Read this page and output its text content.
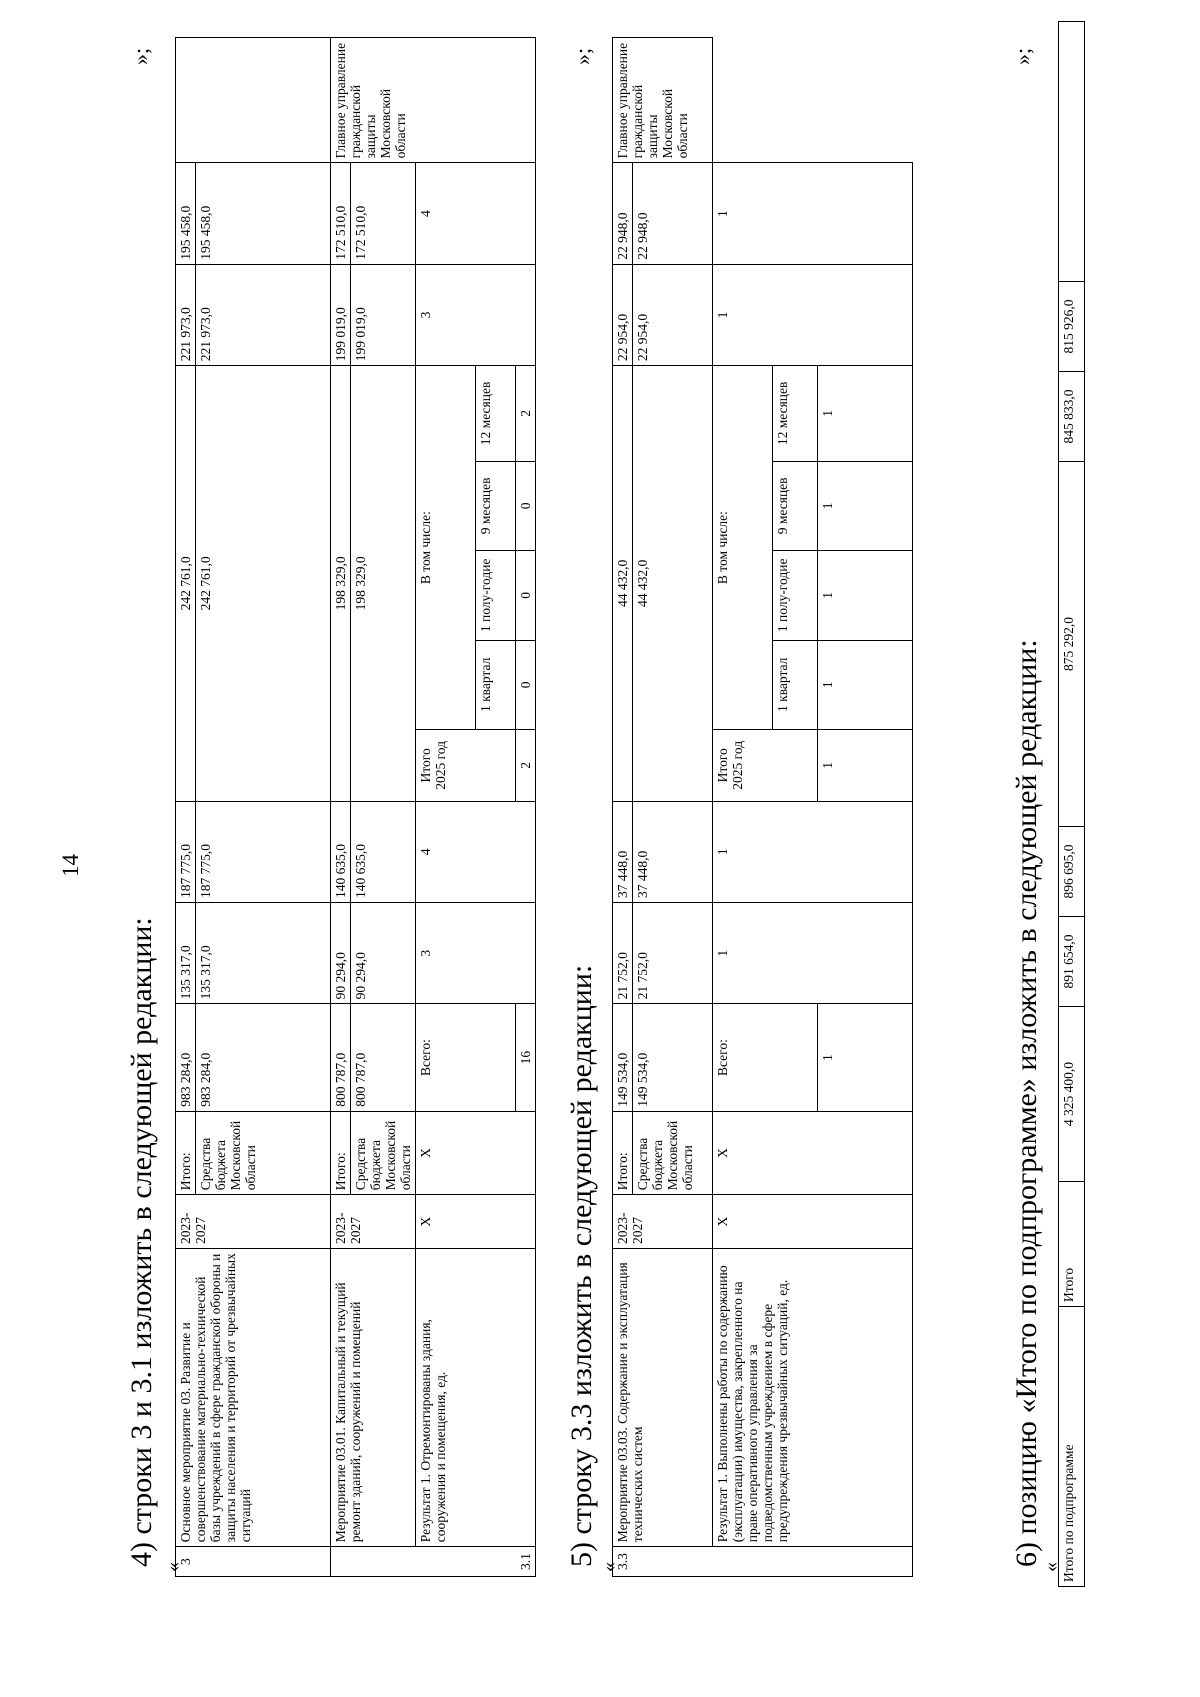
14
4) строки 3 и 3.1 изложить в следующей редакции: «
3	Основное мероприятие 03. Развитие и совершенствование материально-технической базы учреждений в сфере гражданской обороны и защиты населения и территорий от чрезвычайных ситуаций	2023-2027	Итого:	983 284,0	135 317,0	187 775,0	242 761,0					221 973,0	195 458,0	
			Средства бюджета Московской области	983 284,0	135 317,0	187 775,0	242 761,0					221 973,0	195 458,0	
3.1	Мероприятие 03.01. Капитальный и текущий ремонт зданий, сооружений и помещений	2023-2027	Итого:	800 787,0	90 294,0	140 635,0	198 329,0					199 019,0	172 510,0	Главное управление гражданской защиты Московской области
			Средства бюджета Московской области	800 787,0	90 294,0	140 635,0	198 329,0					199 019,0	172 510,0	
	Результат 1. Отремонтированы здания, сооружения и помещения, ед.	Х	Х	Всего:	3	4	Итого 2025 год	В том числе:				3	4	
								1 квартал	1 полу-годие	9 месяцев	12 месяцев			
				16			2	0	0	0	2			
»;
5) строку 3.3 изложить в следующей редакции: «
3.3	Мероприятие 03.03. Содержание и эксплуатация технических систем	2023-2027	Итого:	149 534,0	21 752,0	37 448,0	44 432,0					22 954,0	22 948,0	Главное управление гражданской защиты Московской области
			Средства бюджета Московской области	149 534,0	21 752,0	37 448,0	44 432,0					22 954,0	22 948,0	
	Результат 1. Выполнены работы по содержанию (эксплуатации) имущества, закрепленного на праве оперативного управления за подведомственным учреждением в сфере предупреждения чрезвычайных ситуаций, ед.	Х	Х	Всего:	1	1	Итого 2025 год	В том числе:				1	1	
								1 квартал	1 полу-годие	9 месяцев	12 месяцев			
				1			1	1	1	1	1			
»;
6) позицию «Итого по подпрограмме» изложить в следующей редакции:
« Итого по подпрограмме	Итого	4 325 400,0	891 654,0	896 695,0	875 292,0	845 833,0	815 926,0	
»;
